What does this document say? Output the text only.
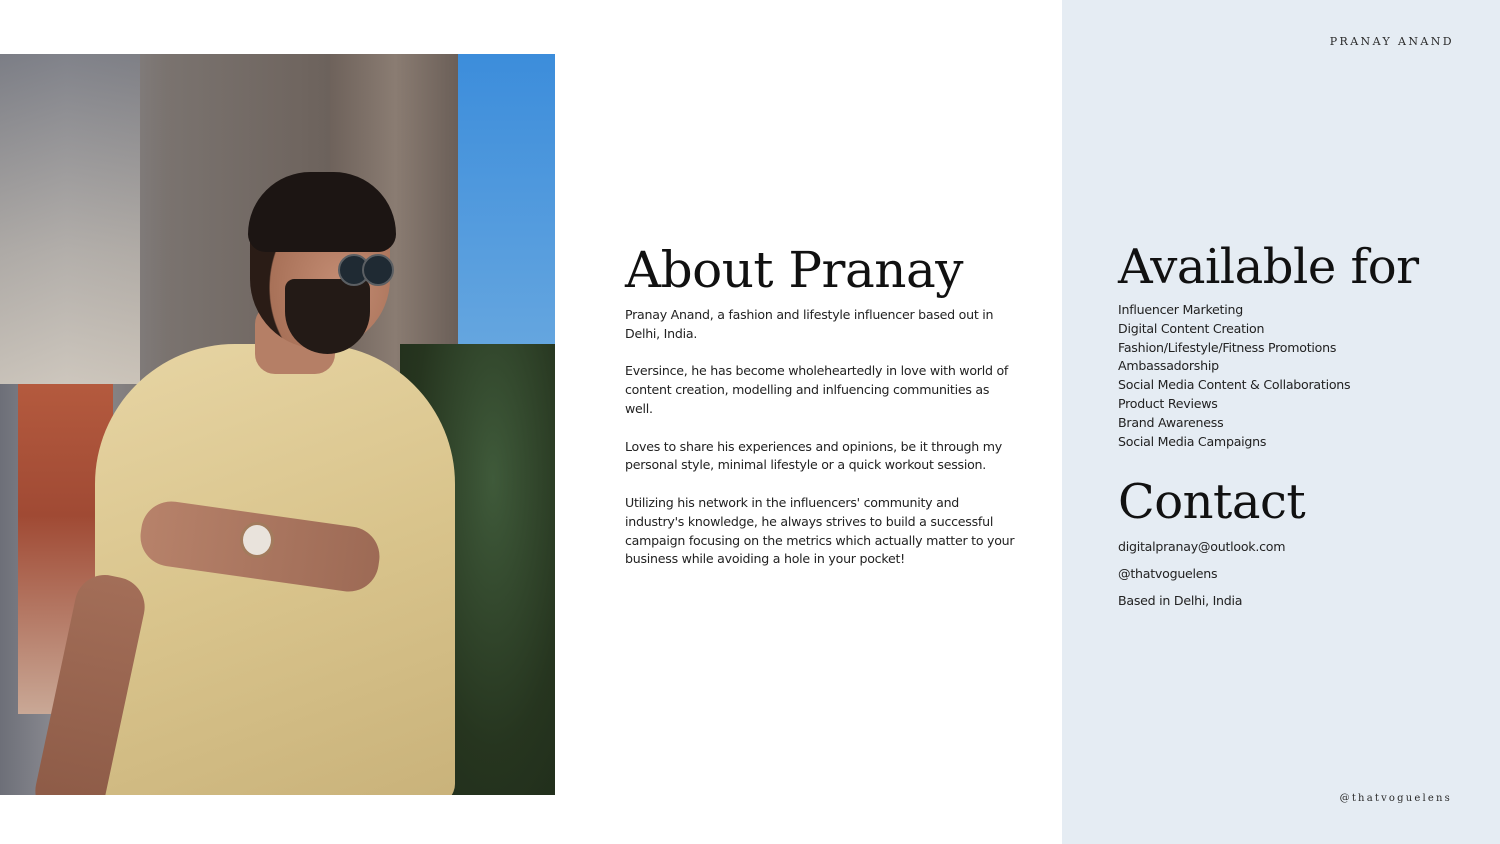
About Pranay

Pranay Anand, a fashion and lifestyle influencer based out in Delhi, India.

Eversince, he has become wholeheartedly in love with world of content creation, modelling and inlfuencing communities as well.

Loves to share his experiences and opinions, be it through my personal style, minimal lifestyle or a quick workout session.

Utilizing his network in the influencers' community and industry's knowledge, he always strives to build a successful campaign focusing on the metrics which actually matter to your business while avoiding a hole in your pocket!

PRANAY ANAND
Available for
Influencer Marketing
Digital Content Creation
Fashion/Lifestyle/Fitness Promotions
Ambassadorship
Social Media Content & Collaborations
Product Reviews
Brand Awareness
Social Media Campaigns
Contact
digitalpranay@outlook.com
@thatvoguelens
Based in Delhi, India
@thatvoguelens
